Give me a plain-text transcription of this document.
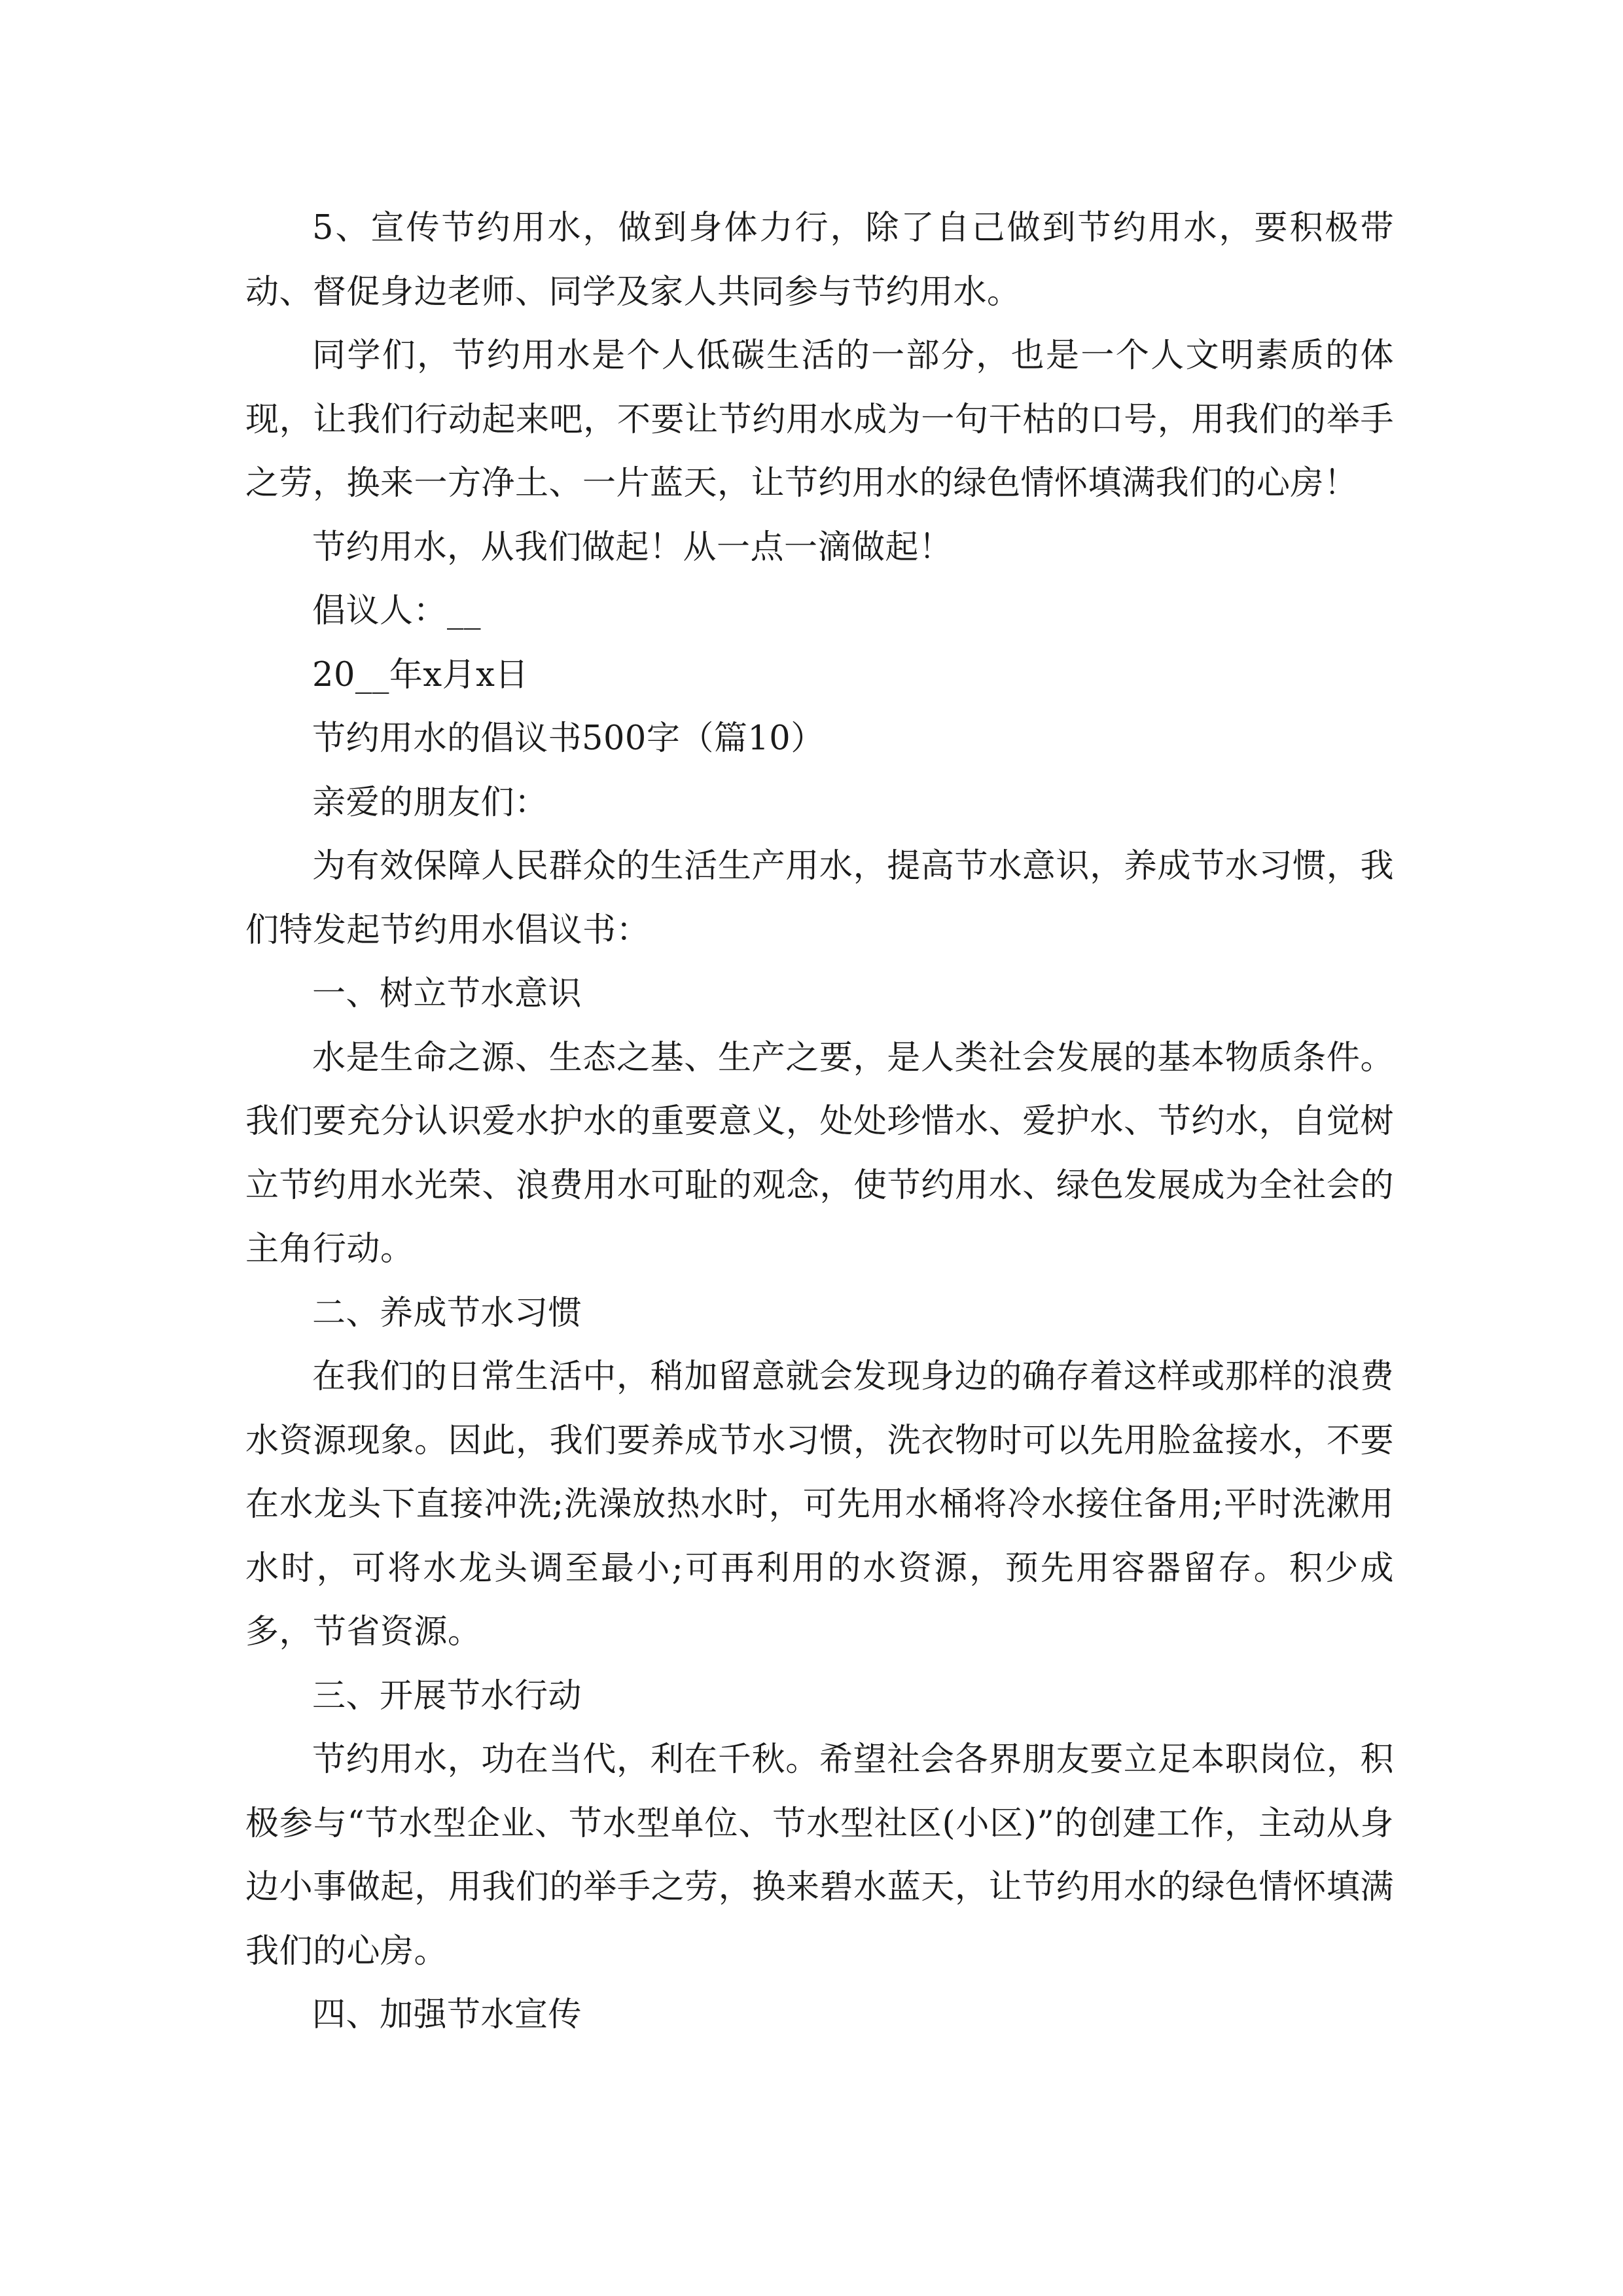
5、宣传节约用水，做到身体力行，除了自己做到节约用水，要积极带动、督促身边老师、同学及家人共同参与节约用水。

同学们，节约用水是个人低碳生活的一部分，也是一个人文明素质的体现，让我们行动起来吧，不要让节约用水成为一句干枯的口号，用我们的举手之劳，换来一方净土、一片蓝天，让节约用水的绿色情怀填满我们的心房！

节约用水，从我们做起！从一点一滴做起！

倡议人：__

20__年x月x日

节约用水的倡议书500字（篇10）

亲爱的朋友们：

为有效保障人民群众的生活生产用水，提高节水意识，养成节水习惯，我们特发起节约用水倡议书：

一、树立节水意识

水是生命之源、生态之基、生产之要，是人类社会发展的基本物质条件。我们要充分认识爱水护水的重要意义，处处珍惜水、爱护水、节约水，自觉树立节约用水光荣、浪费用水可耻的观念，使节约用水、绿色发展成为全社会的主角行动。

二、养成节水习惯

在我们的日常生活中，稍加留意就会发现身边的确存着这样或那样的浪费水资源现象。因此，我们要养成节水习惯，洗衣物时可以先用脸盆接水，不要在水龙头下直接冲洗;洗澡放热水时，可先用水桶将冷水接住备用;平时洗漱用水时，可将水龙头调至最小;可再利用的水资源，预先用容器留存。积少成多，节省资源。

三、开展节水行动

节约用水，功在当代，利在千秋。希望社会各界朋友要立足本职岗位，积极参与“节水型企业、节水型单位、节水型社区(小区)”的创建工作，主动从身边小事做起，用我们的举手之劳，换来碧水蓝天，让节约用水的绿色情怀填满我们的心房。

四、加强节水宣传
